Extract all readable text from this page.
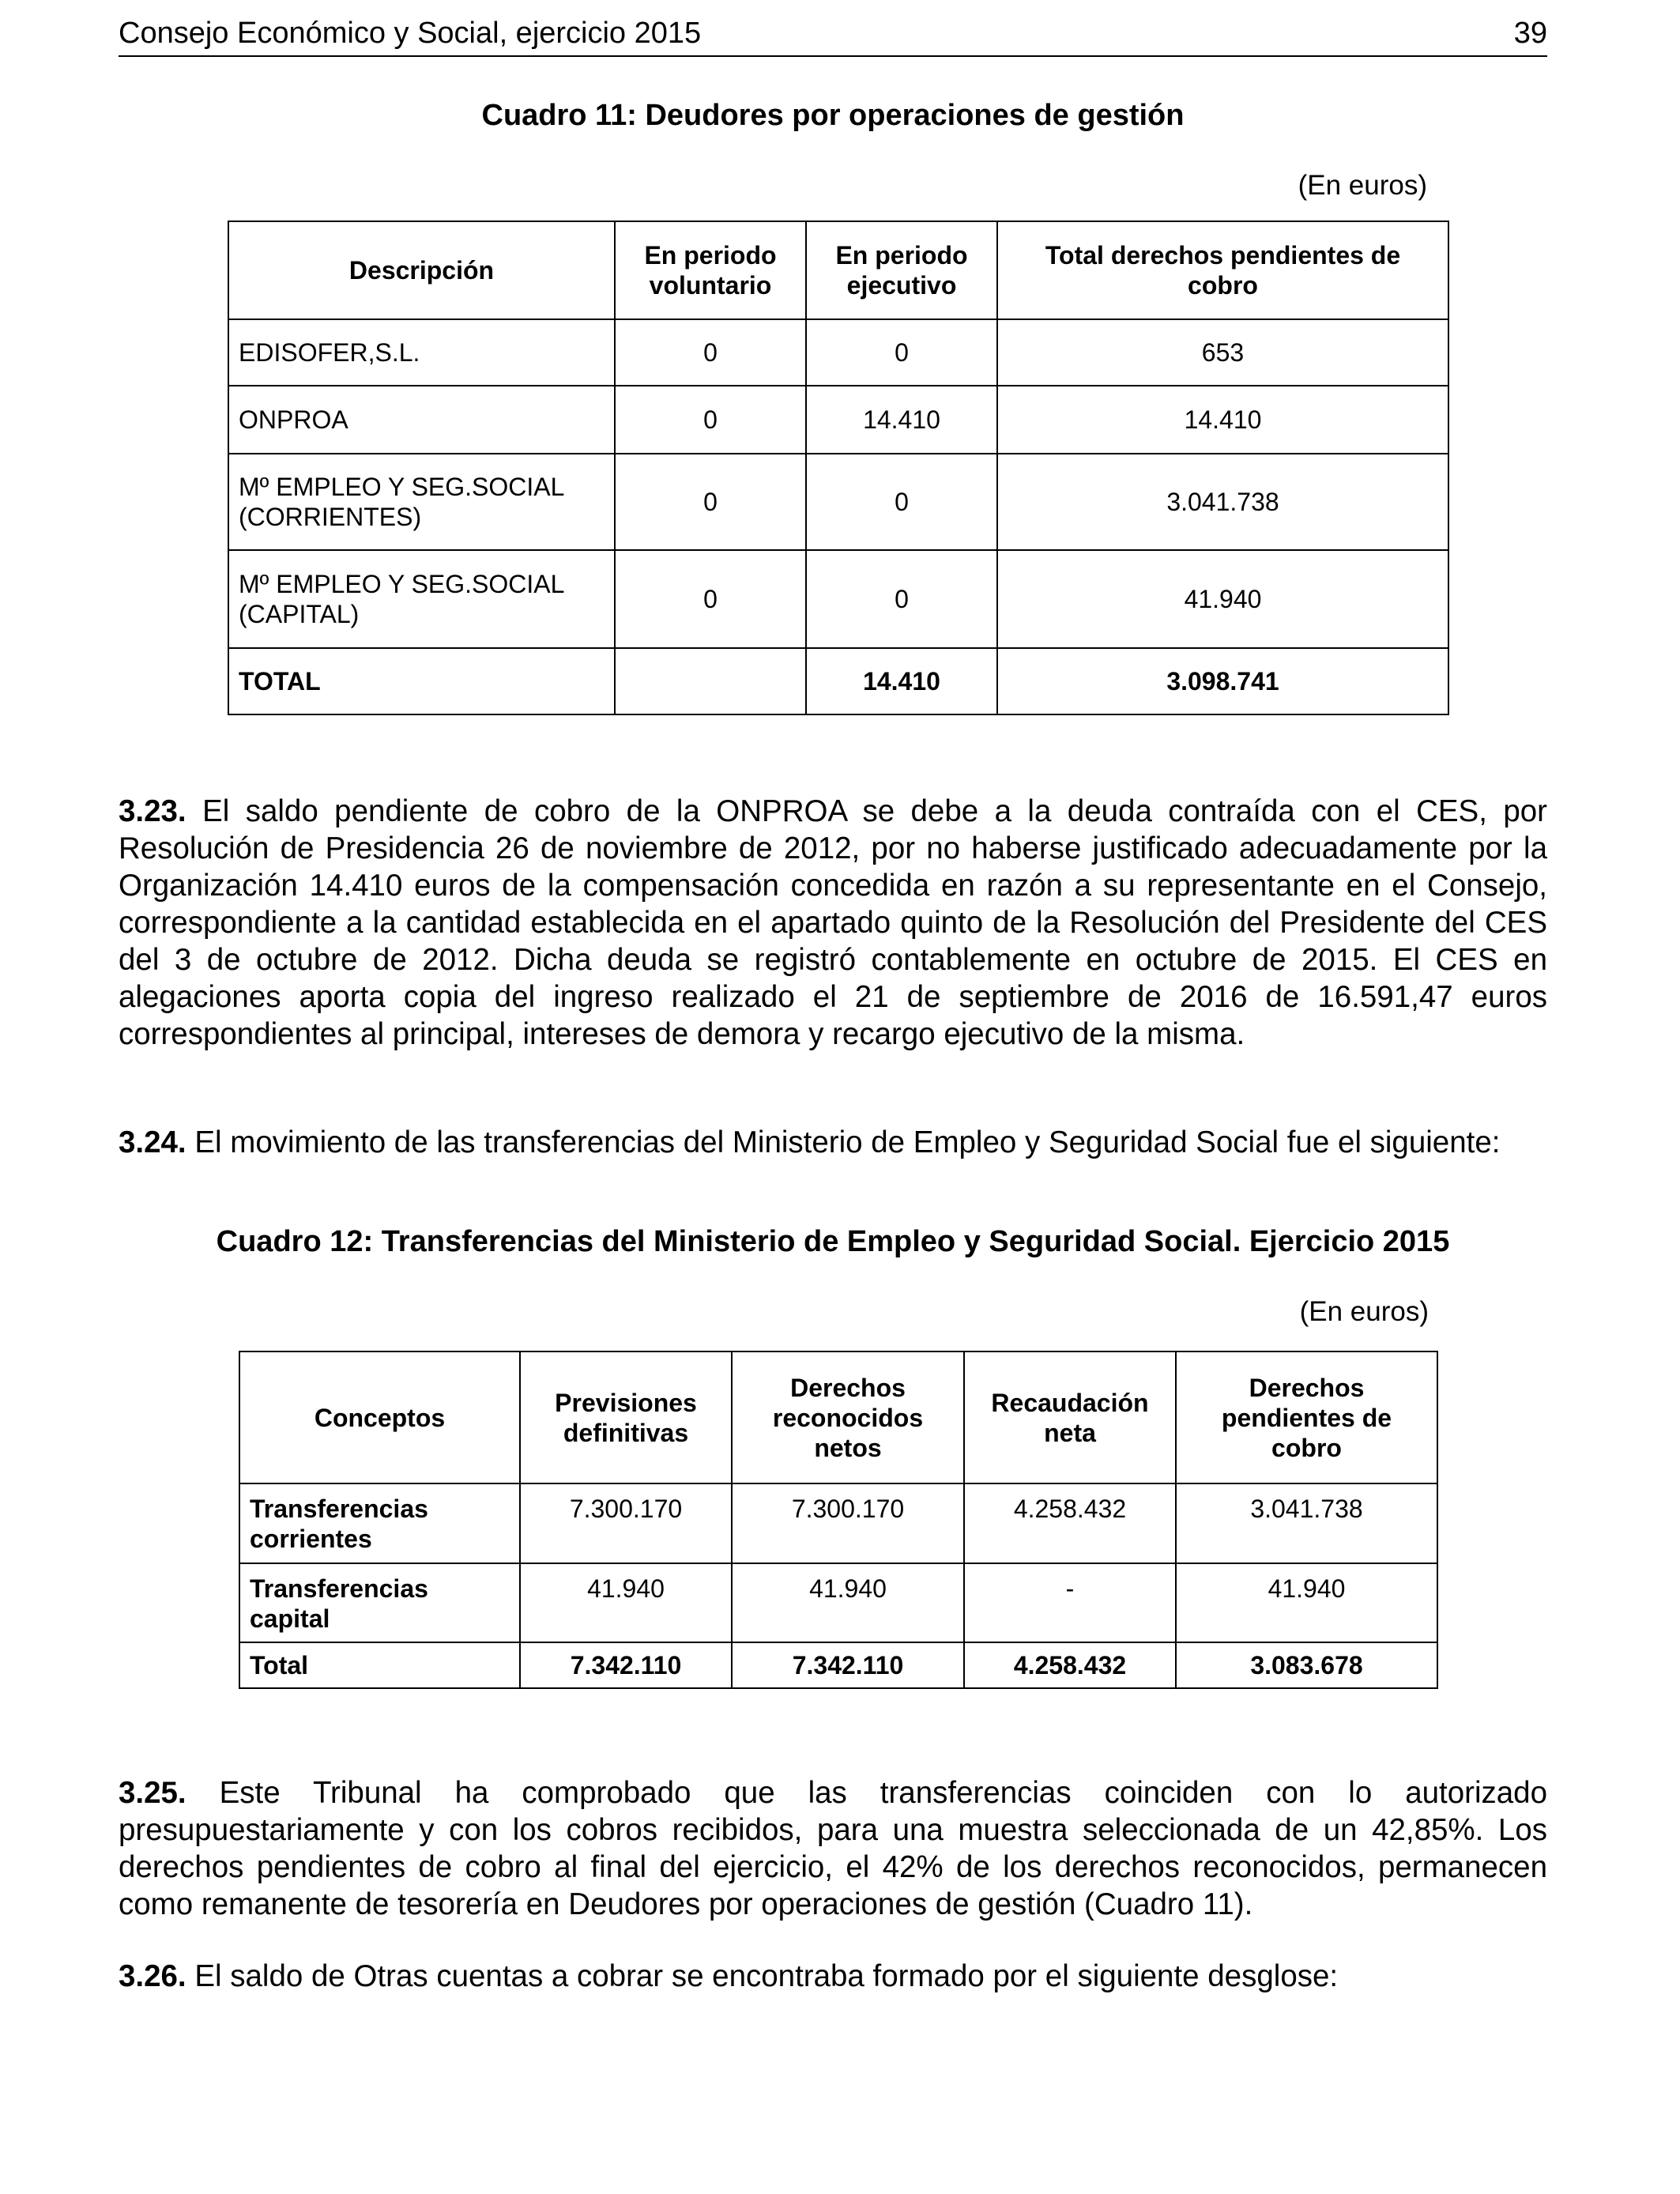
Consejo Económico y Social, ejercicio 2015	39
Cuadro 11: Deudores por operaciones de gestión
(En euros)
Descripción	En periodo voluntario	En periodo ejecutivo	Total derechos pendientes de cobro
EDISOFER,S.L.	0	0	653
ONPROA	0	14.410	14.410
Mº EMPLEO Y SEG.SOCIAL (CORRIENTES)	0	0	3.041.738
Mº EMPLEO Y SEG.SOCIAL (CAPITAL)	0	0	41.940
TOTAL		14.410	3.098.741

3.23. El saldo pendiente de cobro de la ONPROA se debe a la deuda contraída con el CES, por Resolución de Presidencia 26 de noviembre de 2012, por no haberse justificado adecuadamente por la Organización 14.410 euros de la compensación concedida en razón a su representante en el Consejo, correspondiente a la cantidad establecida en el apartado quinto de la Resolución del Presidente del CES del 3 de octubre de 2012. Dicha deuda se registró contablemente en octubre de 2015. El CES en alegaciones aporta copia del ingreso realizado el 21 de septiembre de 2016 de 16.591,47 euros correspondientes al principal, intereses de demora y recargo ejecutivo de la misma.

3.24. El movimiento de las transferencias del Ministerio de Empleo y Seguridad Social fue el siguiente:

Cuadro 12: Transferencias del Ministerio de Empleo y Seguridad Social. Ejercicio 2015
(En euros)
Conceptos	Previsiones definitivas	Derechos reconocidos netos	Recaudación neta	Derechos pendientes de cobro
Transferencias corrientes	7.300.170	7.300.170	4.258.432	3.041.738
Transferencias capital	41.940	41.940	-	41.940
Total	7.342.110	7.342.110	4.258.432	3.083.678

3.25. Este Tribunal ha comprobado que las transferencias coinciden con lo autorizado presupuestariamente y con los cobros recibidos, para una muestra seleccionada de un 42,85%. Los derechos pendientes de cobro al final del ejercicio, el 42% de los derechos reconocidos, permanecen como remanente de tesorería en Deudores por operaciones de gestión (Cuadro 11).

3.26. El saldo de Otras cuentas a cobrar se encontraba formado por el siguiente desglose:
